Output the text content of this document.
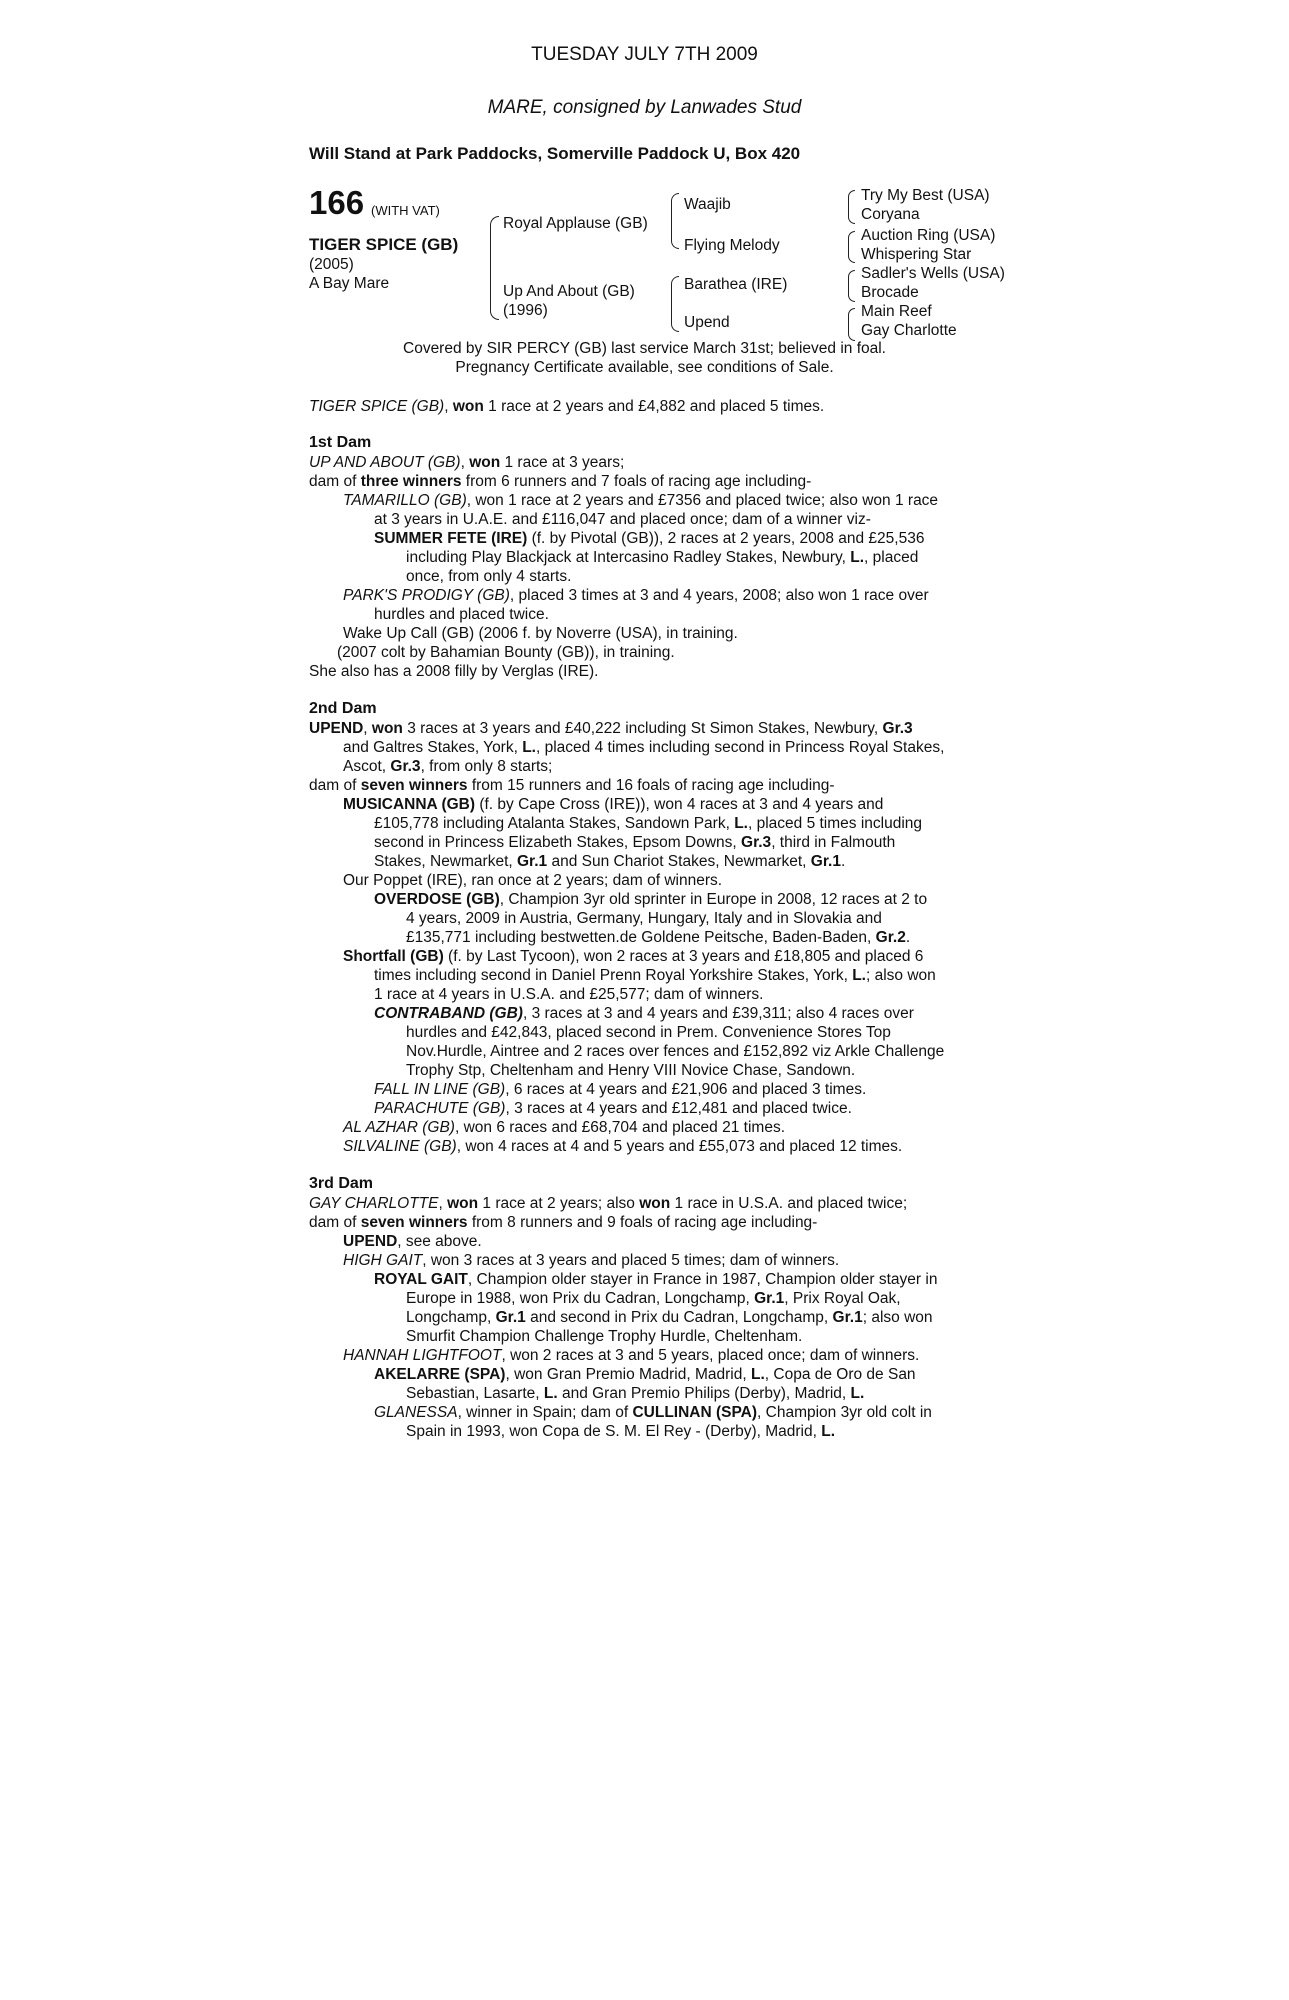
TUESDAY JULY 7TH 2009
MARE, consigned by Lanwades Stud
Will Stand at Park Paddocks, Somerville Paddock U, Box 420
166 (WITH VAT)
TIGER SPICE (GB)
(2005)
A Bay Mare
Royal Applause (GB)
Up And About (GB)
(1996)
Waajib
Flying Melody
Barathea (IRE)
Upend
Try My Best (USA)
Coryana
Auction Ring (USA)
Whispering Star
Sadler's Wells (USA)
Brocade
Main Reef
Gay Charlotte
Covered by SIR PERCY (GB) last service March 31st; believed in foal.
Pregnancy Certificate available, see conditions of Sale.
TIGER SPICE (GB), won 1 race at 2 years and £4,882 and placed 5 times.
1st Dam
UP AND ABOUT (GB), won 1 race at 3 years;
dam of three winners from 6 runners and 7 foals of racing age including-
TAMARILLO (GB), won 1 race at 2 years and £7356 and placed twice; also won 1 race
at 3 years in U.A.E. and £116,047 and placed once; dam of a winner viz-
SUMMER FETE (IRE) (f. by Pivotal (GB)), 2 races at 2 years, 2008 and £25,536
including Play Blackjack at Intercasino Radley Stakes, Newbury, L., placed
once, from only 4 starts.
PARK'S PRODIGY (GB), placed 3 times at 3 and 4 years, 2008; also won 1 race over
hurdles and placed twice.
Wake Up Call (GB) (2006 f. by Noverre (USA), in training.
(2007 colt by Bahamian Bounty (GB)), in training.
She also has a 2008 filly by Verglas (IRE).
2nd Dam
UPEND, won 3 races at 3 years and £40,222 including St Simon Stakes, Newbury, Gr.3
and Galtres Stakes, York, L., placed 4 times including second in Princess Royal Stakes,
Ascot, Gr.3, from only 8 starts;
dam of seven winners from 15 runners and 16 foals of racing age including-
MUSICANNA (GB) (f. by Cape Cross (IRE)), won 4 races at 3 and 4 years and
£105,778 including Atalanta Stakes, Sandown Park, L., placed 5 times including
second in Princess Elizabeth Stakes, Epsom Downs, Gr.3, third in Falmouth
Stakes, Newmarket, Gr.1 and Sun Chariot Stakes, Newmarket, Gr.1.
Our Poppet (IRE), ran once at 2 years; dam of winners.
OVERDOSE (GB), Champion 3yr old sprinter in Europe in 2008, 12 races at 2 to
4 years, 2009 in Austria, Germany, Hungary, Italy and in Slovakia and
£135,771 including bestwetten.de Goldene Peitsche, Baden-Baden, Gr.2.
Shortfall (GB) (f. by Last Tycoon), won 2 races at 3 years and £18,805 and placed 6
times including second in Daniel Prenn Royal Yorkshire Stakes, York, L.; also won
1 race at 4 years in U.S.A. and £25,577; dam of winners.
CONTRABAND (GB), 3 races at 3 and 4 years and £39,311; also 4 races over
hurdles and £42,843, placed second in Prem. Convenience Stores Top
Nov.Hurdle, Aintree and 2 races over fences and £152,892 viz Arkle Challenge
Trophy Stp, Cheltenham and Henry VIII Novice Chase, Sandown.
FALL IN LINE (GB), 6 races at 4 years and £21,906 and placed 3 times.
PARACHUTE (GB), 3 races at 4 years and £12,481 and placed twice.
AL AZHAR (GB), won 6 races and £68,704 and placed 21 times.
SILVALINE (GB), won 4 races at 4 and 5 years and £55,073 and placed 12 times.
3rd Dam
GAY CHARLOTTE, won 1 race at 2 years; also won 1 race in U.S.A. and placed twice;
dam of seven winners from 8 runners and 9 foals of racing age including-
UPEND, see above.
HIGH GAIT, won 3 races at 3 years and placed 5 times; dam of winners.
ROYAL GAIT, Champion older stayer in France in 1987, Champion older stayer in
Europe in 1988, won Prix du Cadran, Longchamp, Gr.1, Prix Royal Oak,
Longchamp, Gr.1 and second in Prix du Cadran, Longchamp, Gr.1; also won
Smurfit Champion Challenge Trophy Hurdle, Cheltenham.
HANNAH LIGHTFOOT, won 2 races at 3 and 5 years, placed once; dam of winners.
AKELARRE (SPA), won Gran Premio Madrid, Madrid, L., Copa de Oro de San
Sebastian, Lasarte, L. and Gran Premio Philips (Derby), Madrid, L.
GLANESSA, winner in Spain; dam of CULLINAN (SPA), Champion 3yr old colt in
Spain in 1993, won Copa de S. M. El Rey - (Derby), Madrid, L.
